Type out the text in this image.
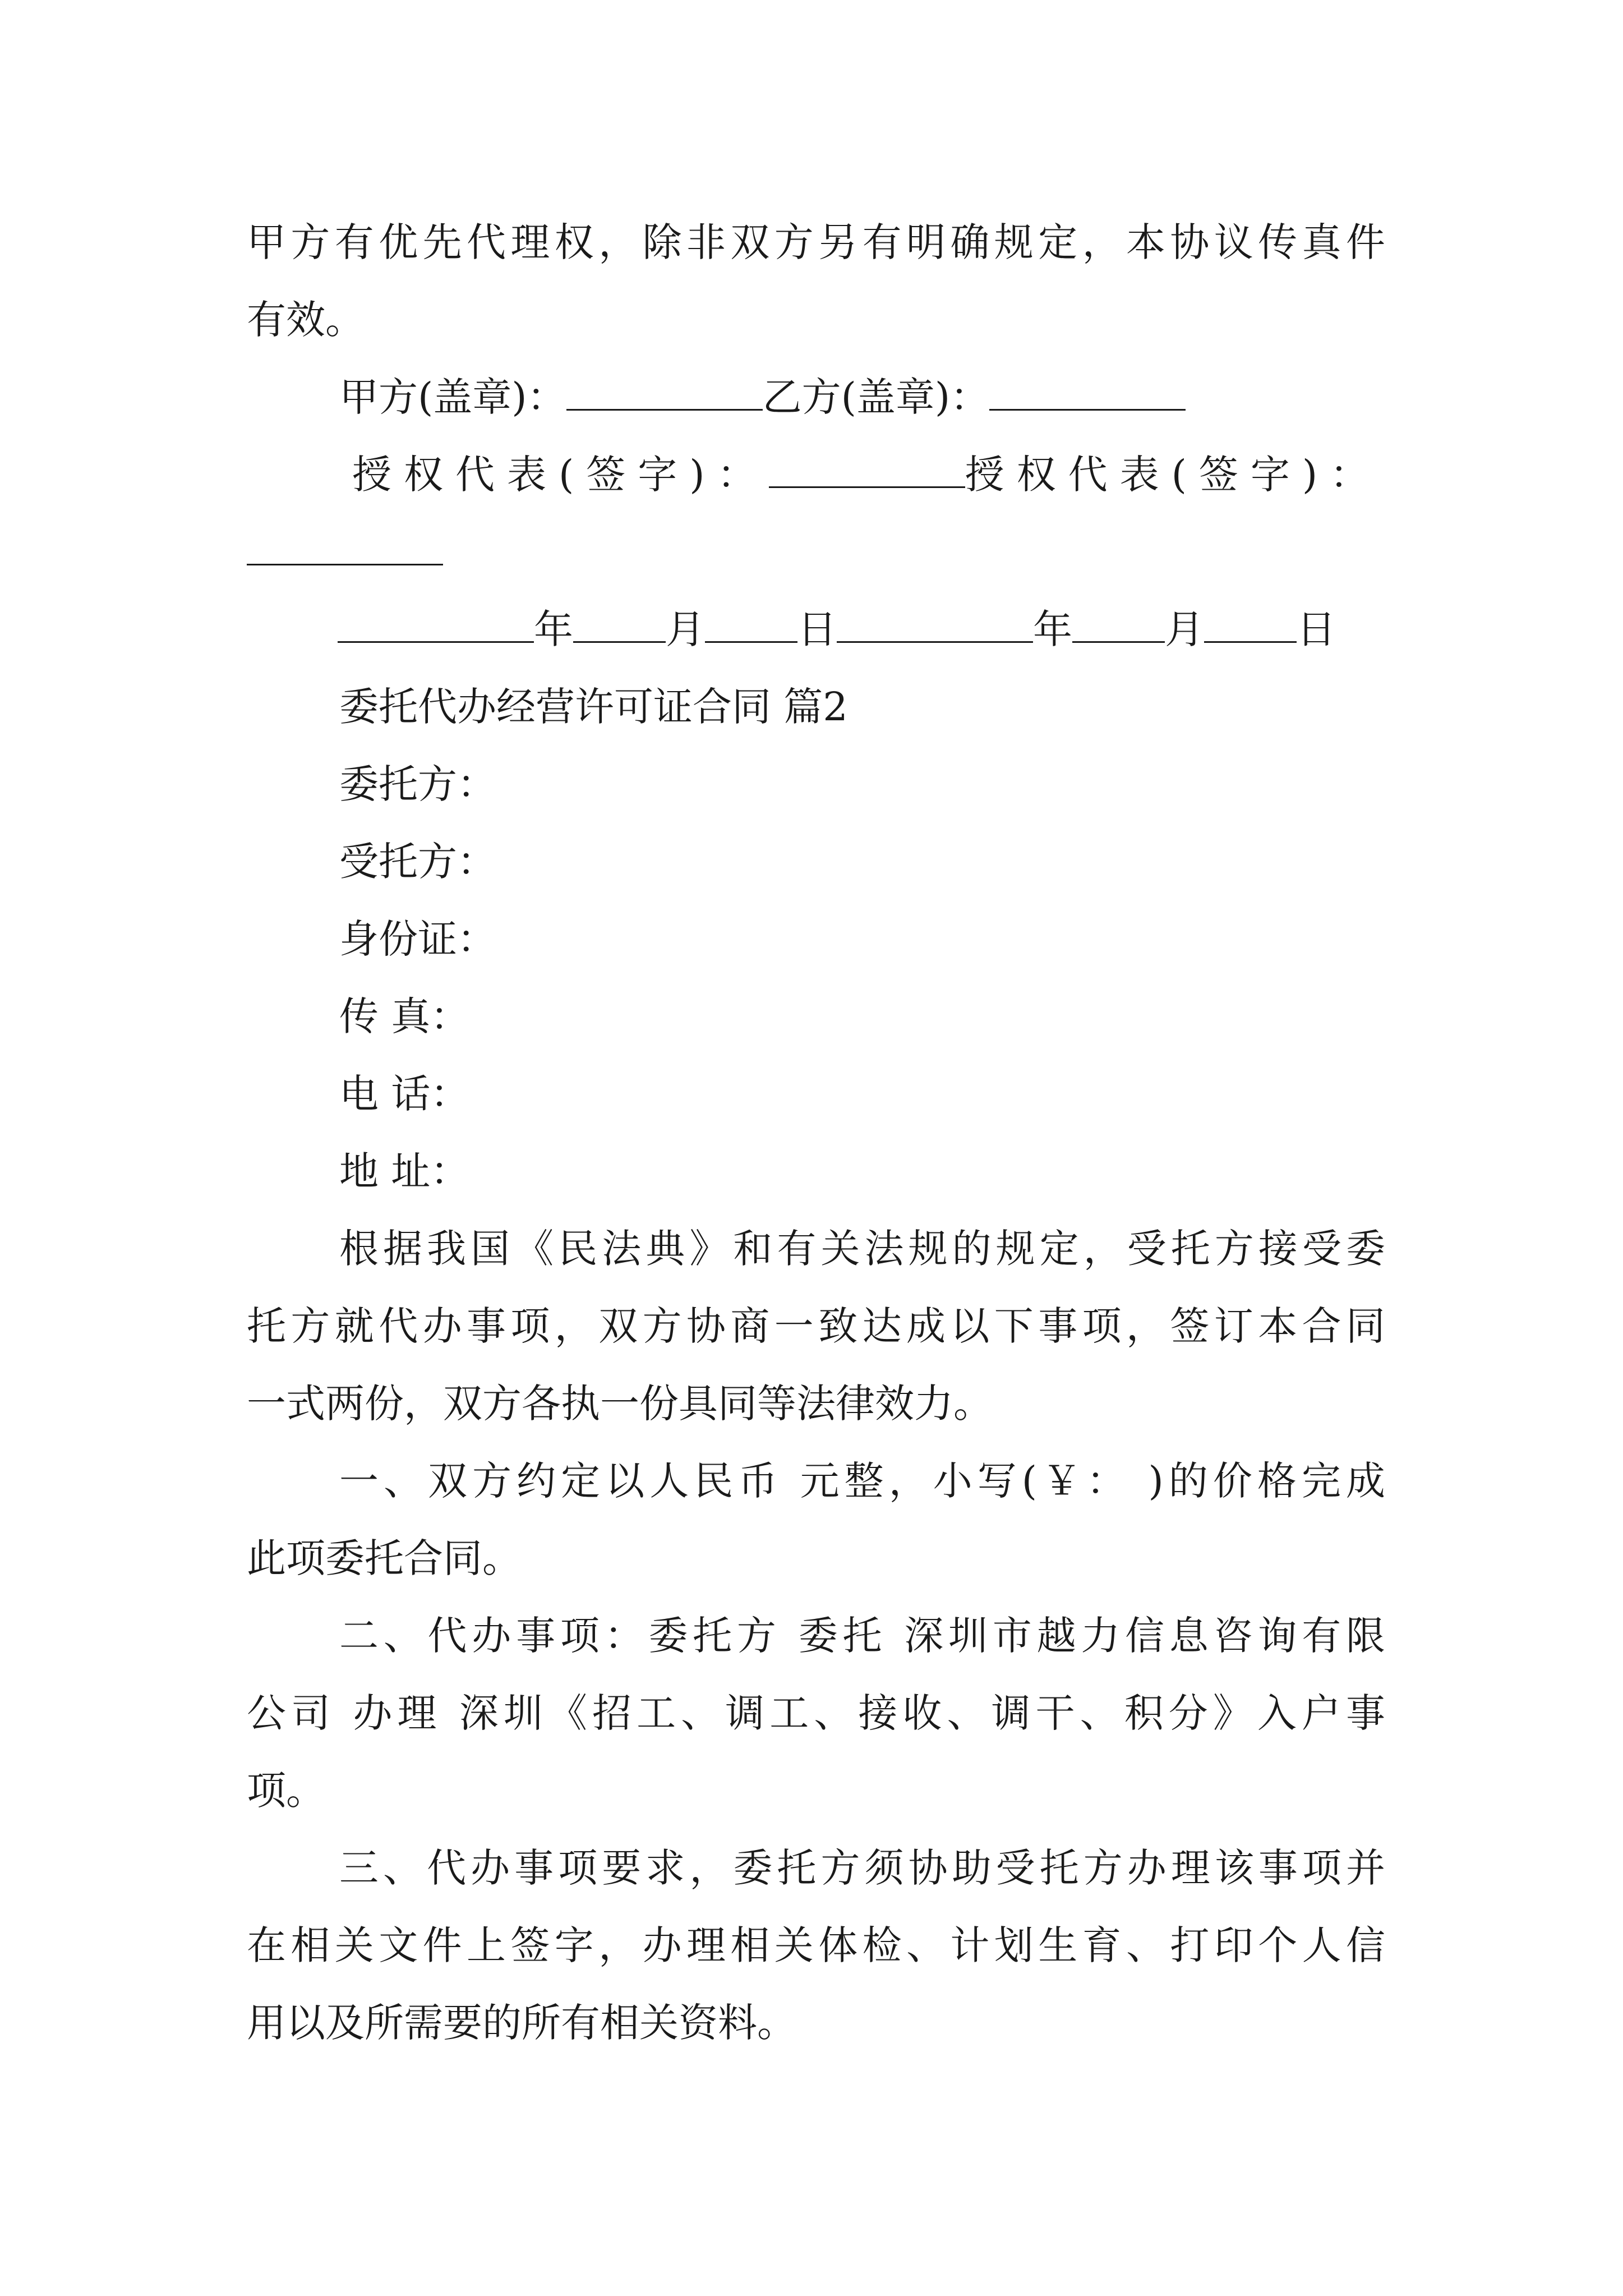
甲方有优先代理权，除非双方另有明确规定，本协议传真件
有效。
甲方(盖章)：	乙方(盖章)：
授权代表(签字)：	授权代表(签字)：
年 月 日	年 月 日
委托代办经营许可证合同 篇2
委托方：
受托方：
身份证：
传 真：
电 话：
地 址：
根据我国《民法典》和有关法规的规定，受托方接受委
托方就代办事项，双方协商一致达成以下事项，签订本合同
一式两份，双方各执一份具同等法律效力。
一、双方约定以人民币 元整，小写(￥： )的价格完成
此项委托合同。
二、代办事项：委托方 委托 深圳市越力信息咨询有限
公司 办理 深圳《招工、调工、接收、调干、积分》入户事
项。
三、代办事项要求，委托方须协助受托方办理该事项并
在相关文件上签字，办理相关体检、计划生育、打印个人信
用以及所需要的所有相关资料。
